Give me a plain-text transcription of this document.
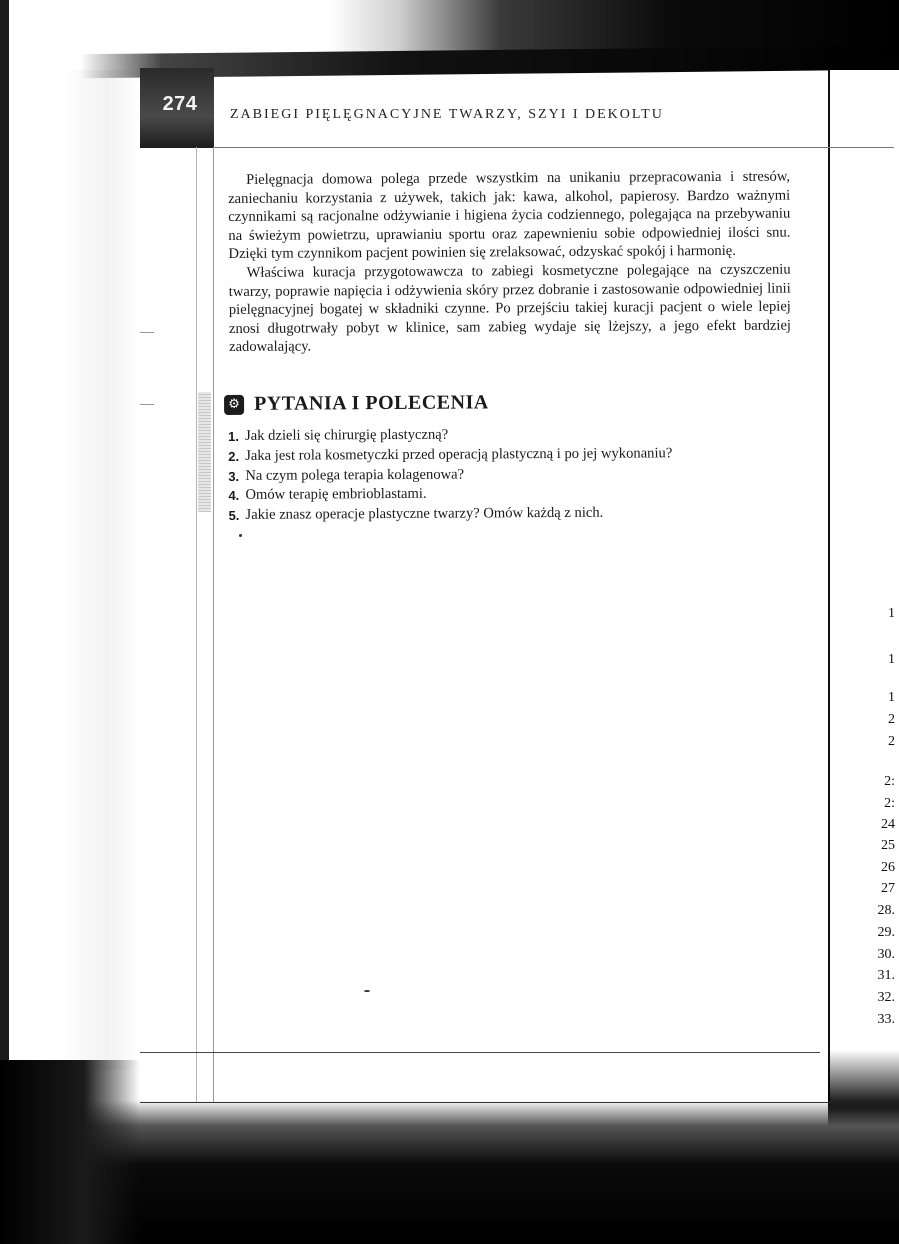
274 ZABIEGI PIĘLĘGNACYJNE TWARZY, SZYI I DEKOLTU

Pielęgnacja domowa polega przede wszystkim na unikaniu przepracowania i stresów, zaniechaniu korzystania z używek, takich jak: kawa, alkohol, papierosy. Bardzo ważnymi czynnikami są racjonalne odżywianie i higiena życia codziennego, polegająca na przebywaniu na świeżym powietrzu, uprawianiu sportu oraz zapewnieniu sobie odpowiedniej ilości snu. Dzięki tym czynnikom pacjent powinien się zrelaksować, odzyskać spokój i harmonię.

Właściwa kuracja przygotowawcza to zabiegi kosmetyczne polegające na czyszczeniu twarzy, poprawie napięcia i odżywienia skóry przez dobranie i zastosowanie odpowiedniej linii pielęgnacyjnej bogatej w składniki czynne. Po przejściu takiej kuracji pacjent o wiele lepiej znosi długotrwały pobyt w klinice, sam zabieg wydaje się lżejszy, a jego efekt bardziej zadowalający.

⚙ PYTANIA I POLECENIA
1. Jak dzieli się chirurgię plastyczną?
2. Jaka jest rola kosmetyczki przed operacją plastyczną i po jej wykonaniu?
3. Na czym polega terapia kolagenowa?
4. Omów terapię embrioblastami.
5. Jakie znasz operacje plastyczne twarzy? Omów każdą z nich.
1
1
1
2
2
2:
2:
24
25
26
27
28.
29.
30.
31.
32.
33.
